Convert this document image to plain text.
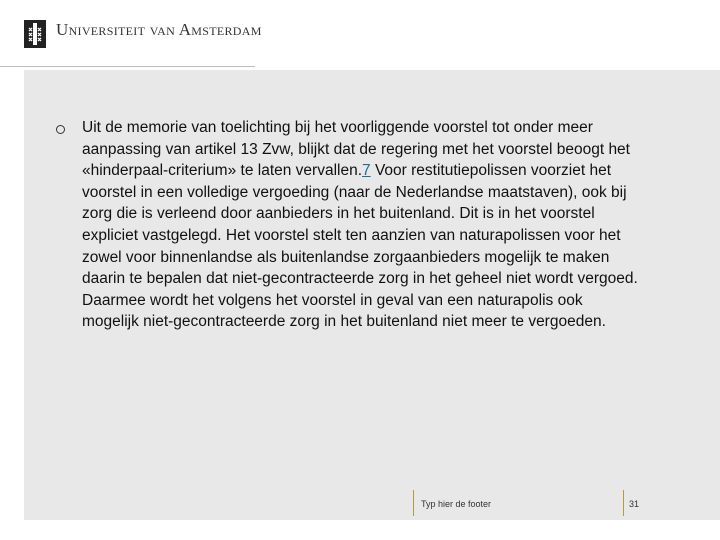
Universiteit van Amsterdam
Uit de memorie van toelichting bij het voorliggende voorstel tot onder meer aanpassing van artikel 13 Zvw, blijkt dat de regering met het voorstel beoogt het «hinderpaal-criterium» te laten vervallen.7 Voor restitutiepolissen voorziet het voorstel in een volledige vergoeding (naar de Nederlandse maatstaven), ook bij zorg die is verleend door aanbieders in het buitenland. Dit is in het voorstel expliciet vastgelegd. Het voorstel stelt ten aanzien van naturapolissen voor het zowel voor binnenlandse als buitenlandse zorgaanbieders mogelijk te maken daarin te bepalen dat niet-gecontracteerde zorg in het geheel niet wordt vergoed. Daarmee wordt het volgens het voorstel in geval van een naturapolis ook mogelijk niet-gecontracteerde zorg in het buitenland niet meer te vergoeden.
Typ hier de footer	31
